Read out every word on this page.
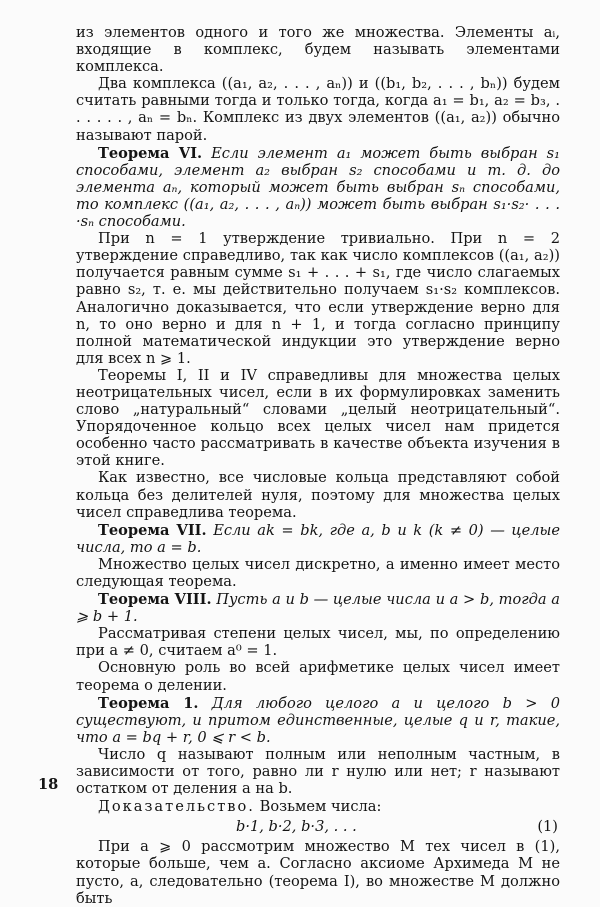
из элементов одного и того же множества. Элементы aᵢ, входящие в комплекс, будем называть элементами комплекса.

Два комплекса ((a₁, a₂, . . . , aₙ)) и ((b₁, b₂, . . . , bₙ)) будем считать равными тогда и только тогда, когда a₁ = b₁, a₂ = b₃, . . . . . . , aₙ = bₙ. Комплекс из двух элементов ((a₁, a₂)) обычно называют парой.

Теорема VI. Если элемент a₁ может быть выбран s₁ способами, элемент a₂ выбран s₂ способами и т. д. до элемента aₙ, который может быть выбран sₙ способами, то комплекс ((a₁, a₂, . . . , aₙ)) может быть выбран s₁·s₂· . . . ·sₙ способами.

При n = 1 утверждение тривиально. При n = 2 утверждение справедливо, так как число комплексов ((a₁, a₂)) получается равным сумме s₁ + . . . + s₁, где число слагаемых равно s₂, т. е. мы действительно получаем s₁·s₂ комплексов. Аналогично доказывается, что если утверждение верно для n, то оно верно и для n + 1, и тогда согласно принципу полной математической индукции это утверждение верно для всех n ⩾ 1.

Теоремы I, II и IV справедливы для множества целых неотрицательных чисел, если в их формулировках заменить слово „натуральный“ словами „целый неотрицательный“. Упорядоченное кольцо всех целых чисел нам придется особенно часто рассматривать в качестве объекта изучения в этой книге.

Как известно, все числовые кольца представляют собой кольца без делителей нуля, поэтому для множества целых чисел справедлива теорема.

Теорема VII. Если ak = bk, где a, b и k (k ≠ 0) — целые числа, то a = b.

Множество целых чисел дискретно, а именно имеет место следующая теорема.

Теорема VIII. Пусть a и b — целые числа и a > b, тогда a ⩾ b + 1.

Рассматривая степени целых чисел, мы, по определению при a ≠ 0, считаем a⁰ = 1.

Основную роль во всей арифметике целых чисел имеет теорема о делении.

Теорема 1. Для любого целого a и целого b > 0 существуют, и притом единственные, целые q и r, такие, что a = bq + r, 0 ⩽ r < b.

Число q называют полным или неполным частным, в зависимости от того, равно ли r нулю или нет; r называют остатком от деления a на b.

Доказательство. Возьмем числа:

b·1, b·2, b·3, . . .	(1)

При a ⩾ 0 рассмотрим множество M тех чисел в (1), которые больше, чем a. Согласно аксиоме Архимеда M не пусто, а, следовательно (теорема I), во множестве M должно быть

18
